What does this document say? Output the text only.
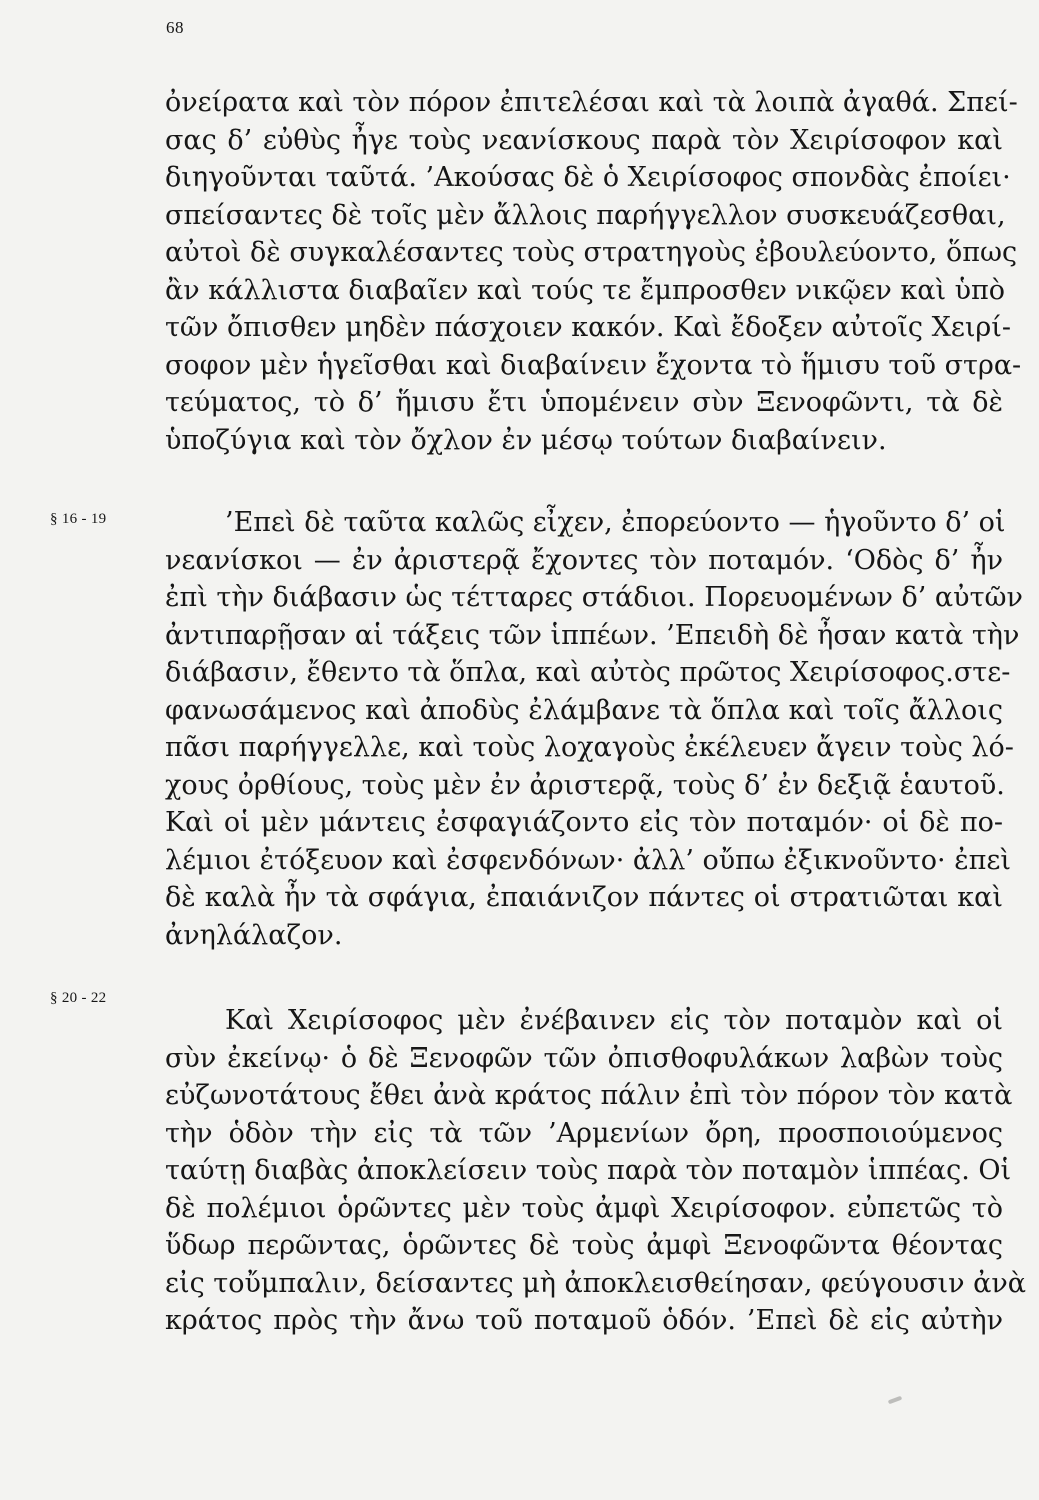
68
§ 16 - 19
§ 20 - 22
ὀνείρατα καὶ τὸν πόρον ἐπιτελέσαι καὶ τὰ λοιπὰ ἀγαθά. Σπεί-
σας δ’ εὐθὺς ἦγε τοὺς νεανίσκους παρὰ τὸν Χειρίσοφον καὶ
διηγοῦνται ταῦτά. ’Ακούσας δὲ ὁ Χειρίσοφος σπονδὰς ἐποίει·
σπείσαντες δὲ τοῖς μὲν ἄλλοις παρήγγελλον συσκευάζεσθαι,
αὐτοὶ δὲ συγκαλέσαντες τοὺς στρατηγοὺς ἐβουλεύοντο, ὅπως
ἂν κάλλιστα διαβαῖεν καὶ τούς τε ἔμπροσθεν νικῷεν καὶ ὑπὸ
τῶν ὄπισθεν μηδὲν πάσχοιεν κακόν. Καὶ ἔδοξεν αὐτοῖς Χειρί-
σοφον μὲν ἡγεῖσθαι καὶ διαβαίνειν ἔχοντα τὸ ἥμισυ τοῦ στρα-
τεύματος, τὸ δ’ ἥμισυ ἔτι ὑπομένειν σὺν Ξενοφῶντι, τὰ δὲ
ὑποζύγια καὶ τὸν ὄχλον ἐν μέσῳ τούτων διαβαίνειν.
’Επεὶ δὲ ταῦτα καλῶς εἶχεν, ἐπορεύοντο — ἡγοῦντο δ’ οἱ
νεανίσκοι — ἐν ἀριστερᾷ ἔχοντες τὸν ποταμόν. ‘Οδὸς δ’ ἦν
ἐπὶ τὴν διάβασιν ὡς τέτταρες στάδιοι. Πορευομένων δ’ αὐτῶν
ἀντιπαρῇσαν αἱ τάξεις τῶν ἱππέων. ’Επειδὴ δὲ ἦσαν κατὰ τὴν
διάβασιν, ἔθεντο τὰ ὅπλα, καὶ αὐτὸς πρῶτος Χειρίσοφος.στε-
φανωσάμενος καὶ ἀποδὺς ἐλάμβανε τὰ ὅπλα καὶ τοῖς ἄλλοις
πᾶσι παρήγγελλε, καὶ τοὺς λοχαγοὺς ἐκέλευεν ἄγειν τοὺς λό-
χους ὀρθίους, τοὺς μὲν ἐν ἀριστερᾷ, τοὺς δ’ ἐν δεξιᾷ ἑαυτοῦ.
Καὶ οἱ μὲν μάντεις ἐσφαγιάζοντο εἰς τὸν ποταμόν· οἱ δὲ πο-
λέμιοι ἐτόξευον καὶ ἐσφενδόνων· ἀλλ’ οὔπω ἐξικνοῦντο· ἐπεὶ
δὲ καλὰ ἦν τὰ σφάγια, ἐπαιάνιζον πάντες οἱ στρατιῶται καὶ
ἀνηλάλαζον.
Καὶ Χειρίσοφος μὲν ἐνέβαινεν εἰς τὸν ποταμὸν καὶ οἱ
σὺν ἐκείνῳ· ὁ δὲ Ξενοφῶν τῶν ὀπισθοφυλάκων λαβὼν τοὺς
εὐζωνοτάτους ἔθει ἀνὰ κράτος πάλιν ἐπὶ τὸν πόρον τὸν κατὰ
τὴν ὁδὸν τὴν εἰς τὰ τῶν ’Αρμενίων ὄρη, προσποιούμενος
ταύτῃ διαβὰς ἀποκλείσειν τοὺς παρὰ τὸν ποταμὸν ἱππέας. Οἱ
δὲ πολέμιοι ὁρῶντες μὲν τοὺς ἀμφὶ Χειρίσοφον. εὐπετῶς τὸ
ὕδωρ περῶντας, ὁρῶντες δὲ τοὺς ἀμφὶ Ξενοφῶντα θέοντας
εἰς τοὔμπαλιν, δείσαντες μὴ ἀποκλεισθείησαν, φεύγουσιν ἀνὰ
κράτος πρὸς τὴν ἄνω τοῦ ποταμοῦ ὁδόν. ’Επεὶ δὲ εἰς αὐτὴν
